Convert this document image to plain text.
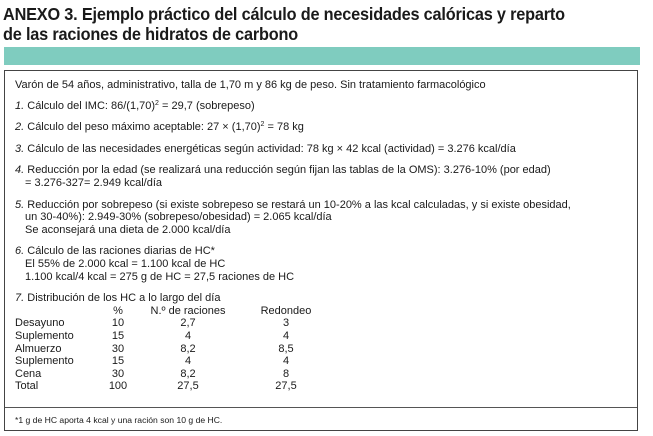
ANEXO 3. Ejemplo práctico del cálculo de necesidades calóricas y reparto
de las raciones de hidratos de carbono

Varón de 54 años, administrativo, talla de 1,70 m y 86 kg de peso. Sin tratamiento farmacológico

1. Cálculo del IMC: $86/(1,70)^2 = 29,7$ (sobrepeso)

2. Cálculo del peso máximo aceptable: $27 \times (1,70)^2 = 78$ kg

3. Cálculo de las necesidades energéticas según actividad: 78 kg × 42 kcal (actividad) = 3.276 kcal/día

4. Reducción por la edad (se realizará una reducción según fijan las tablas de la OMS): 3.276-10% (por edad)

= 3.276-327= 2.949 kcal/día

5. Reducción por sobrepeso (si existe sobrepeso se restará un 10-20% a las kcal calculadas, y si existe obesidad,

un 30-40%): 2.949-30% (sobrepeso/obesidad) = 2.065 kcal/día

Se aconsejará una dieta de 2.000 kcal/día

6. Cálculo de las raciones diarias de HC*

El 55% de 2.000 kcal = 1.100 kcal de HC

1.100 kcal/4 kcal = 275 g de HC = 27,5 raciones de HC

7. Distribución de los HC a lo largo del día

	%	N.º de raciones	Redondeo
Desayuno	10	2,7	3
Suplemento	15	4	4
Almuerzo	30	8,2	8,5
Suplemento	15	4	4
Cena	30	8,2	8
Total	100	27,5	27,5
*1 g de HC aporta 4 kcal y una ración son 10 g de HC.
